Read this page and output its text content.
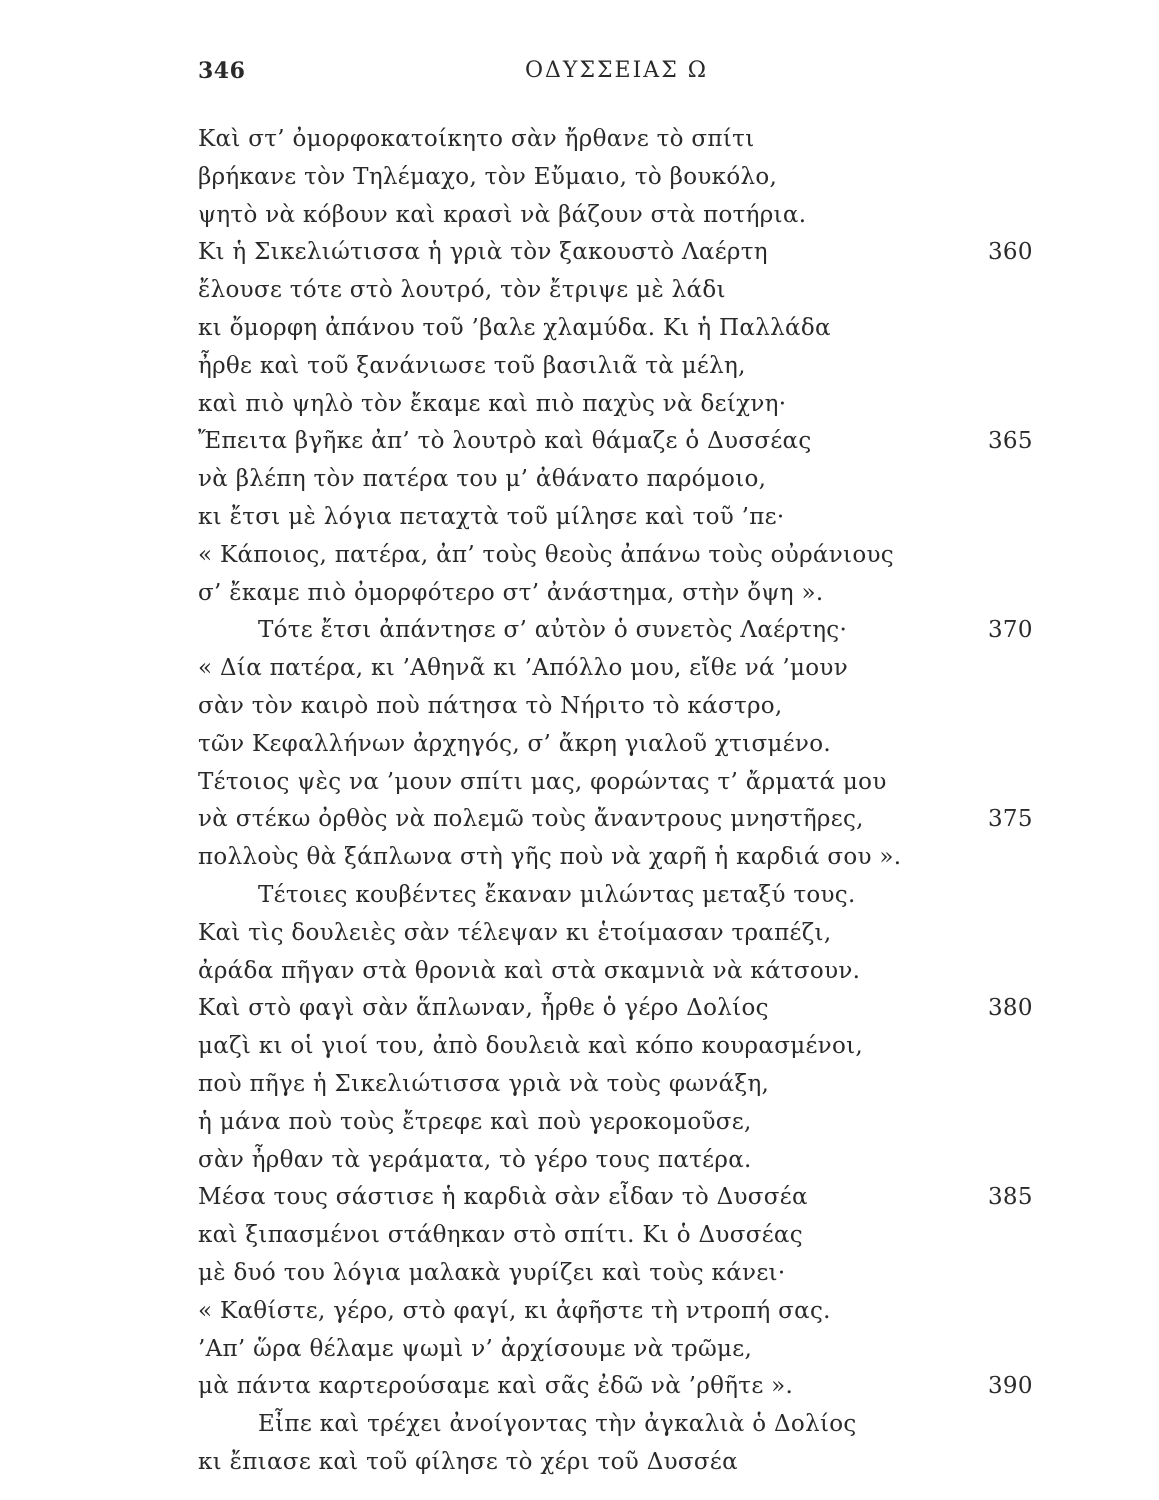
346	ΟΔΥΣΣΕΙΑΣ Ω
Καὶ στ’ ὀμορφοκατοίκητο σὰν ἤρθανε τὸ σπίτι
βρήκανε τὸν Τηλέμαχο, τὸν Εὔμαιο, τὸ βουκόλο,
ψητὸ νὰ κόβουν καὶ κρασὶ νὰ βάζουν στὰ ποτήρια.
Κι ἡ Σικελιώτισσα ἡ γριὰ τὸν ξακουστὸ Λαέρτη	360
ἔλουσε τότε στὸ λουτρό, τὸν ἔτριψε μὲ λάδι
κι ὄμορφη ἀπάνου τοῦ ’βαλε χλαμύδα. Κι ἡ Παλλάδα
ἦρθε καὶ τοῦ ξανάνιωσε τοῦ βασιλιᾶ τὰ μέλη,
καὶ πιὸ ψηλὸ τὸν ἔκαμε καὶ πιὸ παχὺς νὰ δείχνη·
Ἔπειτα βγῆκε ἀπ’ τὸ λουτρὸ καὶ θάμαζε ὁ Δυσσέας	365
νὰ βλέπη τὸν πατέρα του μ’ ἀθάνατο παρόμοιο,
κι ἔτσι μὲ λόγια πεταχτὰ τοῦ μίλησε καὶ τοῦ ’πε·
« Κάποιος, πατέρα, ἀπ’ τοὺς θεοὺς ἀπάνω τοὺς οὐράνιους
σ’ ἔκαμε πιὸ ὀμορφότερο στ’ ἀνάστημα, στὴν ὄψη ».
Τότε ἔτσι ἀπάντησε σ’ αὐτὸν ὁ συνετὸς Λαέρτης·	370
« Δία πατέρα, κι ’Αθηνᾶ κι ’Απόλλο μου, εἴθε νά ’μουν
σὰν τὸν καιρὸ ποὺ πάτησα τὸ Νήριτο τὸ κάστρο,
τῶν Κεφαλλήνων ἀρχηγός, σ’ ἄκρη γιαλοῦ χτισμένο.
Τέτοιος ψὲς να ’μουν σπίτι μας, φορώντας τ’ ἄρματά μου
νὰ στέκω ὀρθὸς νὰ πολεμῶ τοὺς ἄναντρους μνηστῆρες,	375
πολλοὺς θὰ ξάπλωνα στὴ γῆς ποὺ νὰ χαρῆ ἡ καρδιά σου ».
Τέτοιες κουβέντες ἔκαναν μιλώντας μεταξύ τους.
Καὶ τὶς δουλειὲς σὰν τέλεψαν κι ἑτοίμασαν τραπέζι,
ἀράδα πῆγαν στὰ θρονιὰ καὶ στὰ σκαμνιὰ νὰ κάτσουν.
Καὶ στὸ φαγὶ σὰν ἅπλωναν, ἦρθε ὁ γέρο Δολίος	380
μαζὶ κι οἱ γιοί του, ἀπὸ δουλειὰ καὶ κόπο κουρασμένοι,
ποὺ πῆγε ἡ Σικελιώτισσα γριὰ νὰ τοὺς φωνάξη,
ἡ μάνα ποὺ τοὺς ἔτρεφε καὶ ποὺ γεροκομοῦσε,
σὰν ἦρθαν τὰ γεράματα, τὸ γέρο τους πατέρα.
Μέσα τους σάστισε ἡ καρδιὰ σὰν εἶδαν τὸ Δυσσέα	385
καὶ ξιπασμένοι στάθηκαν στὸ σπίτι. Κι ὁ Δυσσέας
μὲ δυό του λόγια μαλακὰ γυρίζει καὶ τοὺς κάνει·
« Καθίστε, γέρο, στὸ φαγί, κι ἀφῆστε τὴ ντροπή σας.
’Απ’ ὥρα θέλαμε ψωμὶ ν’ ἀρχίσουμε νὰ τρῶμε,
μὰ πάντα καρτερούσαμε καὶ σᾶς ἐδῶ νὰ ’ρθῆτε ».	390
Εἶπε καὶ τρέχει ἀνοίγοντας τὴν ἀγκαλιὰ ὁ Δολίος
κι ἔπιασε καὶ τοῦ φίλησε τὸ χέρι τοῦ Δυσσέα
